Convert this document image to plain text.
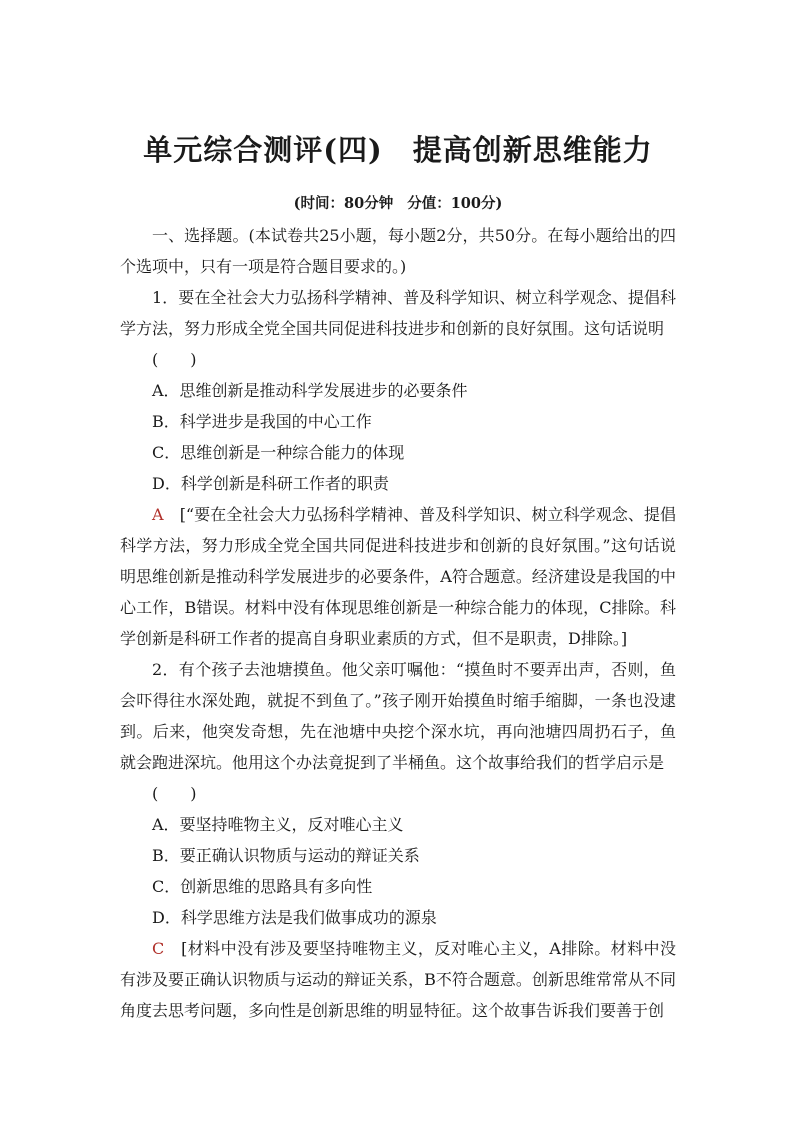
单元综合测评(四) 提高创新思维能力
(时间：80分钟 分值：100分)

一、选择题。(本试卷共25小题，每小题2分，共50分。在每小题给出的四个选项中，只有一项是符合题目要求的。)

1．要在全社会大力弘扬科学精神、普及科学知识、树立科学观念、提倡科学方法，努力形成全党全国共同促进科技进步和创新的良好氛围。这句话说明
(　　)

A．思维创新是推动科学发展进步的必要条件

B．科学进步是我国的中心工作

C．思维创新是一种综合能力的体现

D．科学创新是科研工作者的职责

A　 [“要在全社会大力弘扬科学精神、普及科学知识、树立科学观念、提倡科学方法，努力形成全党全国共同促进科技进步和创新的良好氛围。”这句话说明思维创新是推动科学发展进步的必要条件，A符合题意。经济建设是我国的中心工作，B错误。材料中没有体现思维创新是一种综合能力的体现，C排除。科学创新是科研工作者的提高自身职业素质的方式，但不是职责，D排除。]

2．有个孩子去池塘摸鱼。他父亲叮嘱他：“摸鱼时不要弄出声，否则，鱼会吓得往水深处跑，就捉不到鱼了。”孩子刚开始摸鱼时缩手缩脚，一条也没逮到。后来，他突发奇想，先在池塘中央挖个深水坑，再向池塘四周扔石子，鱼就会跑进深坑。他用这个办法竟捉到了半桶鱼。这个故事给我们的哲学启示是
(　　)

A．要坚持唯物主义，反对唯心主义

B．要正确认识物质与运动的辩证关系

C．创新思维的思路具有多向性

D．科学思维方法是我们做事成功的源泉

C　 [材料中没有涉及要坚持唯物主义，反对唯心主义，A排除。材料中没有涉及要正确认识物质与运动的辩证关系，B不符合题意。创新思维常常从不同角度去思考问题，多向性是创新思维的明显特征。这个故事告诉我们要善于创
